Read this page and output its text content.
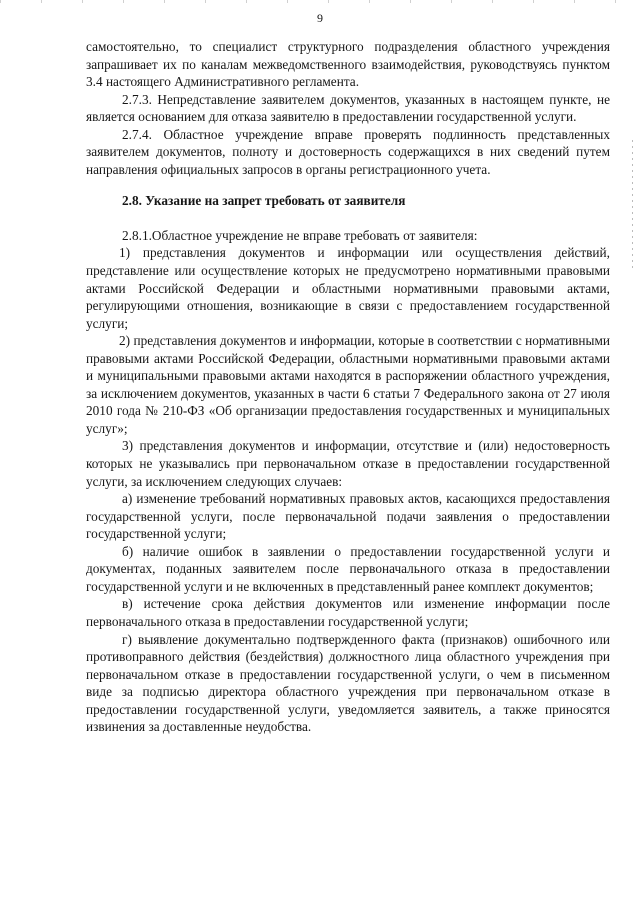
9

самостоятельно, то специалист структурного подразделения областного учреждения запрашивает их по каналам межведомственного взаимодействия, руководствуясь пунктом 3.4 настоящего Административного регламента.

2.7.3. Непредставление заявителем документов, указанных в настоящем пункте, не является основанием для отказа заявителю в предоставлении государственной услуги.

2.7.4. Областное учреждение вправе проверять подлинность представленных заявителем документов, полноту и достоверность содержащихся в них сведений путем направления официальных запросов в органы регистрационного учета.

2.8. Указание на запрет требовать от заявителя

2.8.1.Областное учреждение не вправе требовать от заявителя:

1) представления документов и информации или осуществления действий, представление или осуществление которых не предусмотрено нормативными правовыми актами Российской Федерации и областными нормативными правовыми актами, регулирующими отношения, возникающие в связи с предоставлением государственной услуги;

2) представления документов и информации, которые в соответствии с нормативными правовыми актами Российской Федерации, областными нормативными правовыми актами и муниципальными правовыми актами находятся в распоряжении областного учреждения, за исключением документов, указанных в части 6 статьи 7 Федерального закона от 27 июля 2010 года № 210-ФЗ «Об организации предоставления государственных и муниципальных услуг»;

3) представления документов и информации, отсутствие и (или) недостоверность которых не указывались при первоначальном отказе в предоставлении государственной услуги, за исключением следующих случаев:

а) изменение требований нормативных правовых актов, касающихся предоставления государственной услуги, после первоначальной подачи заявления о предоставлении государственной услуги;

б) наличие ошибок в заявлении о предоставлении государственной услуги и документах, поданных заявителем после первоначального отказа в предоставлении государственной услуги и не включенных в представленный ранее комплект документов;

в) истечение срока действия документов или изменение информации после первоначального отказа в предоставлении государственной услуги;

г) выявление документально подтвержденного факта (признаков) ошибочного или противоправного действия (бездействия) должностного лица областного учреждения при первоначальном отказе в предоставлении государственной услуги, о чем в письменном виде за подписью директора областного учреждения при первоначальном отказе в предоставлении государственной услуги, уведомляется заявитель, а также приносятся извинения за доставленные неудобства.
